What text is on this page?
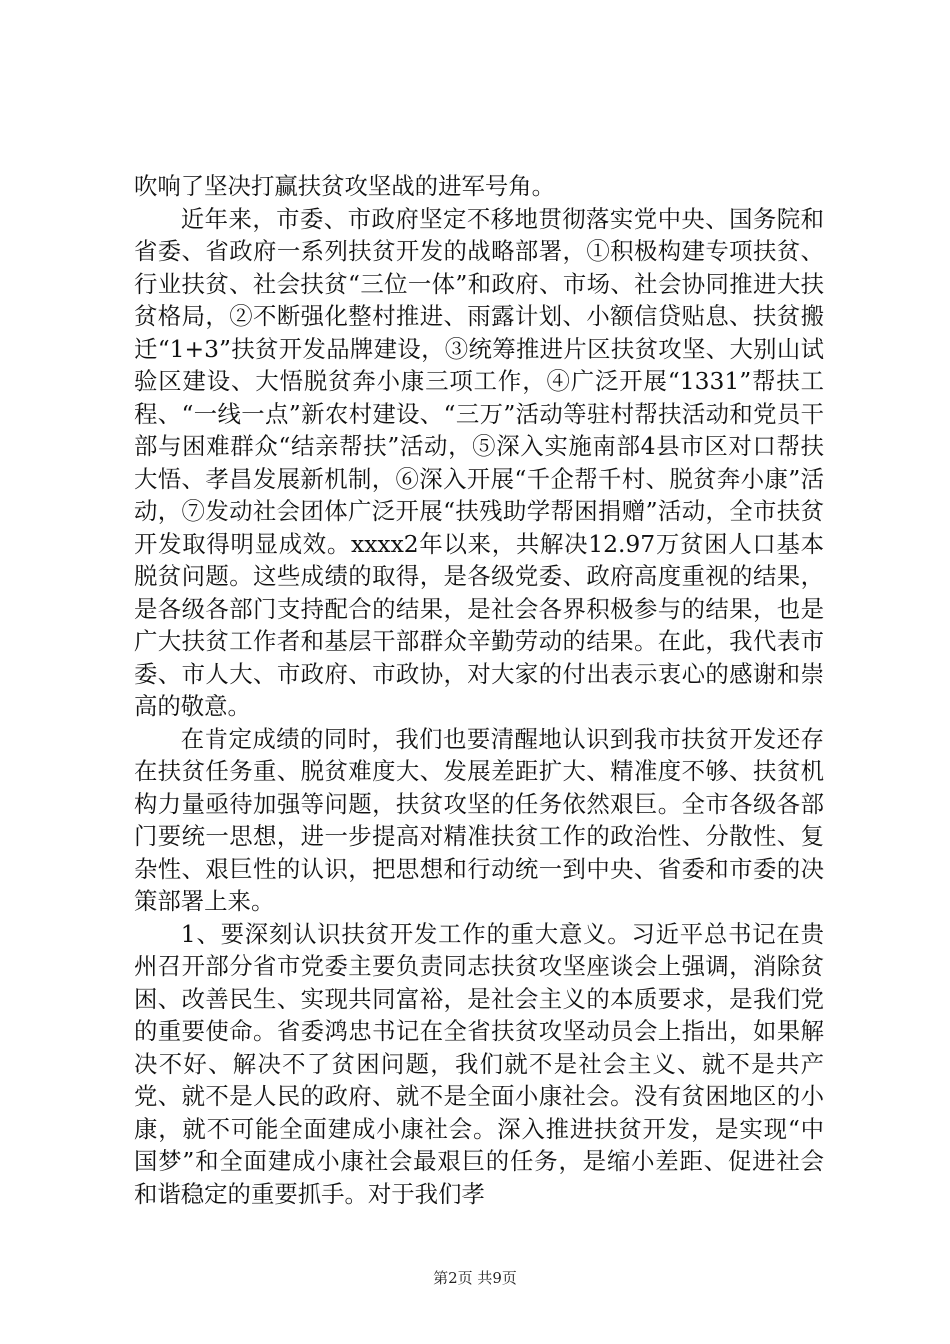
吹响了坚决打赢扶贫攻坚战的进军号角。

近年来，市委、市政府坚定不移地贯彻落实党中央、国务院和省委、省政府一系列扶贫开发的战略部署，①积极构建专项扶贫、行业扶贫、社会扶贫“三位一体”和政府、市场、社会协同推进大扶贫格局，②不断强化整村推进、雨露计划、小额信贷贴息、扶贫搬迁“1+3”扶贫开发品牌建设，③统筹推进片区扶贫攻坚、大别山试验区建设、大悟脱贫奔小康三项工作，④广泛开展“1331”帮扶工程、“一线一点”新农村建设、“三万”活动等驻村帮扶活动和党员干部与困难群众“结亲帮扶”活动，⑤深入实施南部4县市区对口帮扶大悟、孝昌发展新机制，⑥深入开展“千企帮千村、脱贫奔小康”活动，⑦发动社会团体广泛开展“扶残助学帮困捐赠”活动，全市扶贫开发取得明显成效。xxxx2年以来，共解决12.97万贫困人口基本脱贫问题。这些成绩的取得，是各级党委、政府高度重视的结果，是各级各部门支持配合的结果，是社会各界积极参与的结果，也是广大扶贫工作者和基层干部群众辛勤劳动的结果。在此，我代表市委、市人大、市政府、市政协，对大家的付出表示衷心的感谢和崇高的敬意。

在肯定成绩的同时，我们也要清醒地认识到我市扶贫开发还存在扶贫任务重、脱贫难度大、发展差距扩大、精准度不够、扶贫机构力量亟待加强等问题，扶贫攻坚的任务依然艰巨。全市各级各部门要统一思想，进一步提高对精准扶贫工作的政治性、分散性、复杂性、艰巨性的认识，把思想和行动统一到中央、省委和市委的决策部署上来。

1、要深刻认识扶贫开发工作的重大意义。习近平总书记在贵州召开部分省市党委主要负责同志扶贫攻坚座谈会上强调，消除贫困、改善民生、实现共同富裕，是社会主义的本质要求，是我们党的重要使命。省委鸿忠书记在全省扶贫攻坚动员会上指出，如果解决不好、解决不了贫困问题，我们就不是社会主义、就不是共产党、就不是人民的政府、就不是全面小康社会。没有贫困地区的小康，就不可能全面建成小康社会。深入推进扶贫开发，是实现“中国梦”和全面建成小康社会最艰巨的任务，是缩小差距、促进社会和谐稳定的重要抓手。对于我们孝

第2页 共9页
